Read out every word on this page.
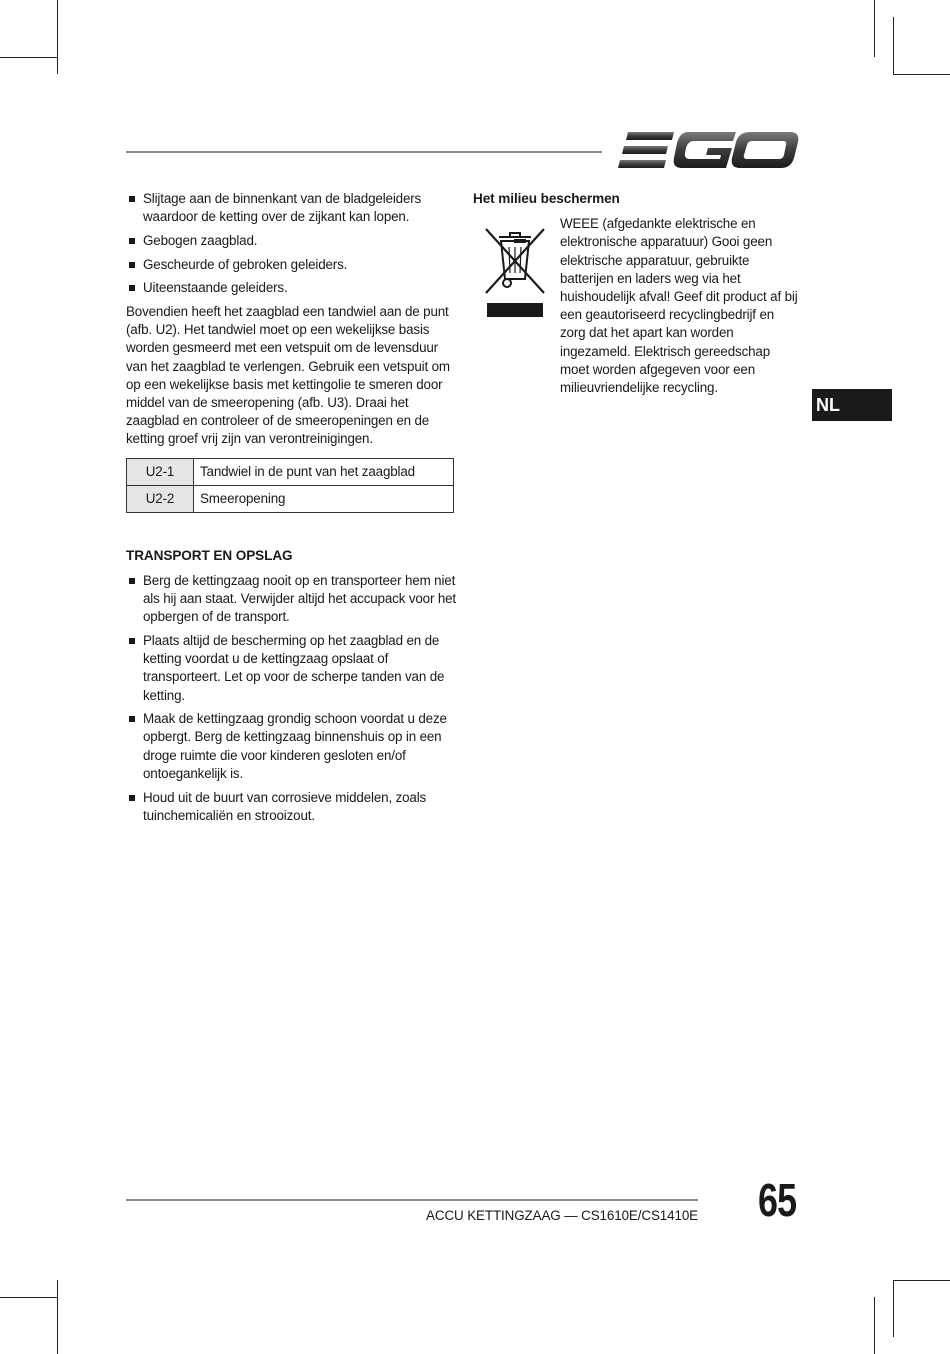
Slijtage aan de binnenkant van de bladgeleiders waardoor de ketting over de zijkant kan lopen.
Gebogen zaagblad.
Gescheurde of gebroken geleiders.
Uiteenstaande geleiders.

Bovendien heeft het zaagblad een tandwiel aan de punt (afb. U2). Het tandwiel moet op een wekelijkse basis worden gesmeerd met een vetspuit om de levensduur van het zaagblad te verlengen. Gebruik een vetspuit om op een wekelijkse basis met kettingolie te smeren door middel van de smeeropening (afb. U3). Draai het zaagblad en controleer of de smeeropeningen en de ketting groef vrij zijn van verontreinigingen.

U2-1	Tandwiel in de punt van het zaagblad
U2-2	Smeeropening
TRANSPORT EN OPSLAG
Berg de kettingzaag nooit op en transporteer hem niet als hij aan staat. Verwijder altijd het accupack voor het opbergen of de transport.
Plaats altijd de bescherming op het zaagblad en de ketting voordat u de kettingzaag opslaat of transporteert. Let op voor de scherpe tanden van de ketting.
Maak de kettingzaag grondig schoon voordat u deze opbergt. Berg de kettingzaag binnenshuis op in een droge ruimte die voor kinderen gesloten en/of ontoegankelijk is.
Houd uit de buurt van corrosieve middelen, zoals tuinchemicaliën en strooizout.
Het milieu beschermen

WEEE (afgedankte elektrische en elektronische apparatuur) Gooi geen elektrische apparatuur, gebruikte batterijen en laders weg via het huishoudelijk afval! Geef dit product af bij een geautoriseerd recyclingbedrijf en zorg dat het apart kan worden ingezameld. Elektrisch gereedschap moet worden afgegeven voor een milieuvriendelijke recycling.

NL
ACCU KETTINGZAAG — CS1610E/CS1410E 65
